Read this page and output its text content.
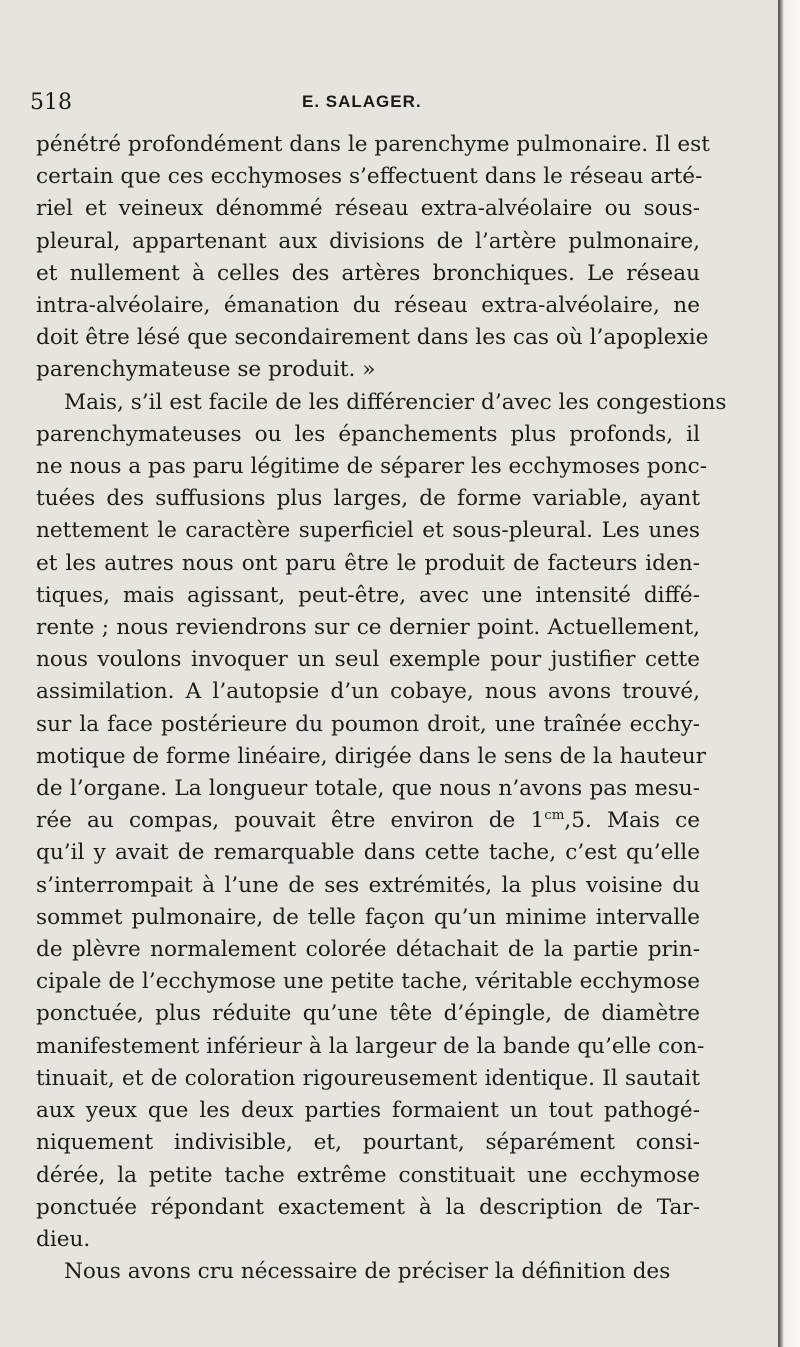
518	E. SALAGER.
pénétré profondément dans le parenchyme pulmonaire. Il est
certain que ces ecchymoses s’effectuent dans le réseau arté-
riel et veineux dénommé réseau extra-alvéolaire ou sous-
pleural, appartenant aux divisions de l’artère pulmonaire,
et nullement à celles des artères bronchiques. Le réseau
intra-alvéolaire, émanation du réseau extra-alvéolaire, ne
doit être lésé que secondairement dans les cas où l’apoplexie
parenchymateuse se produit. »
Mais, s’il est facile de les différencier d’avec les congestions
parenchymateuses ou les épanchements plus profonds, il
ne nous a pas paru légitime de séparer les ecchymoses ponc-
tuées des suffusions plus larges, de forme variable, ayant
nettement le caractère superficiel et sous-pleural. Les unes
et les autres nous ont paru être le produit de facteurs iden-
tiques, mais agissant, peut-être, avec une intensité diffé-
rente ; nous reviendrons sur ce dernier point. Actuellement,
nous voulons invoquer un seul exemple pour justifier cette
assimilation. A l’autopsie d’un cobaye, nous avons trouvé,
sur la face postérieure du poumon droit, une traînée ecchy-
motique de forme linéaire, dirigée dans le sens de la hauteur
de l’organe. La longueur totale, que nous n’avons pas mesu-
rée au compas, pouvait être environ de $1^{cm},5$. Mais ce
qu’il y avait de remarquable dans cette tache, c’est qu’elle
s’interrompait à l’une de ses extrémités, la plus voisine du
sommet pulmonaire, de telle façon qu’un minime intervalle
de plèvre normalement colorée détachait de la partie prin-
cipale de l’ecchymose une petite tache, véritable ecchymose
ponctuée, plus réduite qu’une tête d’épingle, de diamètre
manifestement inférieur à la largeur de la bande qu’elle con-
tinuait, et de coloration rigoureusement identique. Il sautait
aux yeux que les deux parties formaient un tout pathogé-
niquement indivisible, et, pourtant, séparément consi-
dérée, la petite tache extrême constituait une ecchymose
ponctuée répondant exactement à la description de Tar-
dieu.
Nous avons cru nécessaire de préciser la définition des
